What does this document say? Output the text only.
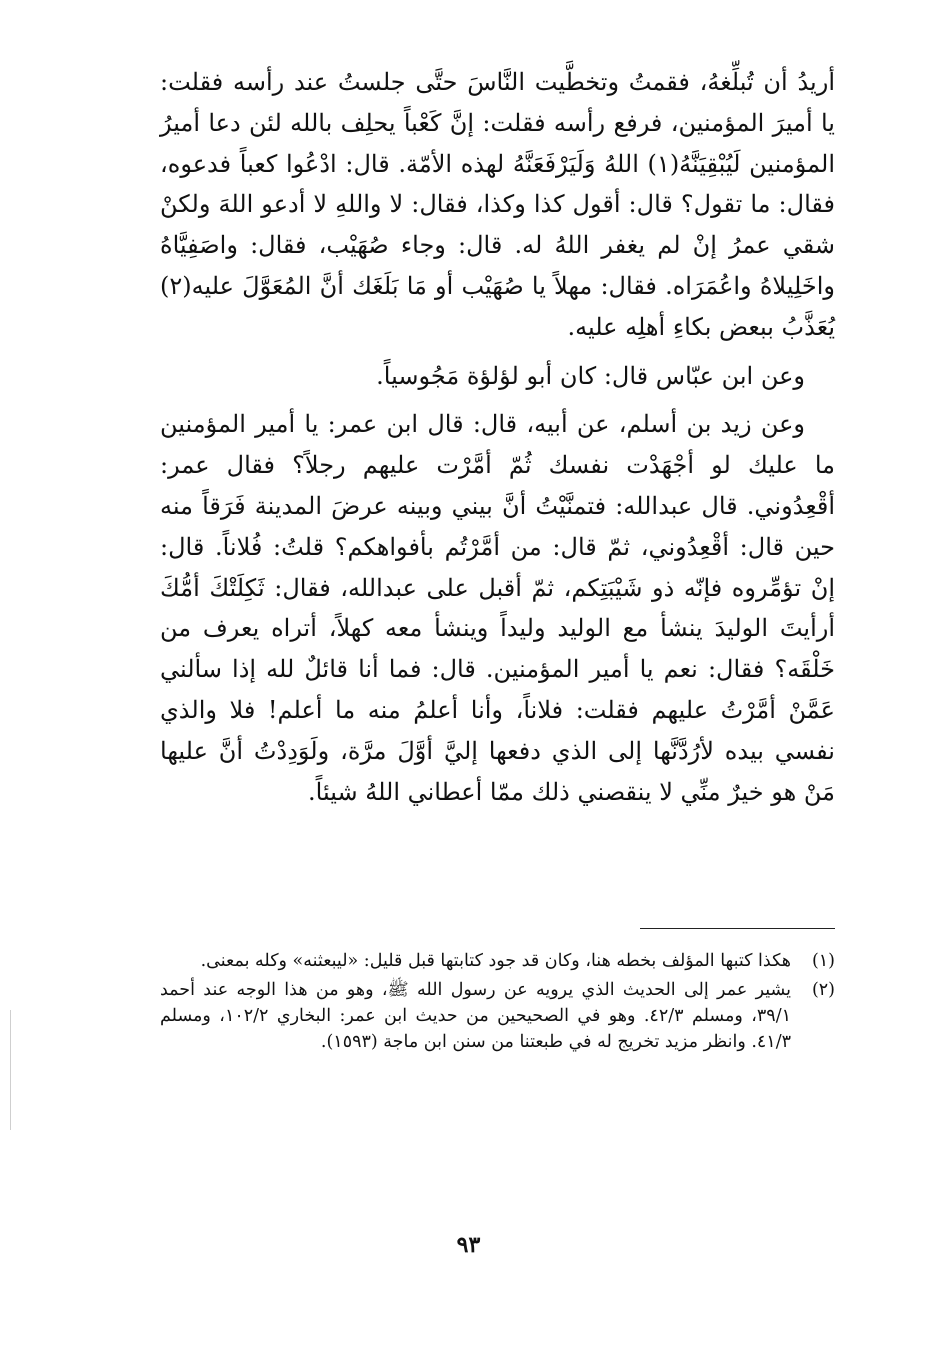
أريدُ أن تُبلِّغهُ، فقمتُ وتخطَّيت النَّاسَ حتَّى جلستُ عند رأسه فقلت: يا أميرَ المؤمنين، فرفع رأسه فقلت: إنَّ كَعْباً يحلِف بالله لئن دعا أميرُ المؤمنين لَيُبْقِيَنَّهُ(١) اللهُ وَلَيَرْفَعَنَّهُ لهذه الأمّة. قال: ادْعُوا كعباً فدعوه، فقال: ما تقول؟ قال: أقول كذا وكذا، فقال: لا واللهِ لا أدعو اللهَ ولكنْ شقي عمرُ إنْ لم يغفر اللهُ له. قال: وجاء صُهَيْب، فقال: واصَفِيَّاهُ واخَلِيلاهُ واعُمَرَاه. فقال: مهلاً يا صُهَيْب أو مَا بَلَغَك أنَّ المُعَوَّلَ عليه(٢) يُعَذَّبُ ببعض بكاءِ أهلِه عليه.

وعن ابن عبّاس قال: كان أبو لؤلؤة مَجُوسياً.

وعن زيد بن أسلم، عن أبيه، قال: قال ابن عمر: يا أمير المؤمنين ما عليك لو أجْهَدْت نفسك ثُمّ أمَّرْت عليهم رجلاً؟ فقال عمر: أقْعِدُوني. قال عبدالله: فتمنَّيْتُ أنَّ بيني وبينه عرضَ المدينة فَرَقاً منه حين قال: أقْعِدُوني، ثمّ قال: من أمَّرْتُم بأفواهكم؟ قلتُ: فُلاناً. قال: إنْ تؤمِّروه فإنّه ذو شَيْبَتِكم، ثمّ أقبل على عبدالله، فقال: ثَكِلَتْكَ أمُّكَ أرأيتَ الوليدَ ينشأ مع الوليد وليداً وينشأ معه كهلاً، أتراه يعرف من خَلْقَه؟ فقال: نعم يا أمير المؤمنين. قال: فما أنا قائلٌ لله إذا سألني عَمَّنْ أمَّرْتُ عليهم فقلت: فلاناً، وأنا أعلمُ منه ما أعلم! فلا والذي نفسي بيده لأرُدَّنَّها إلى الذي دفعها إليَّ أوَّلَ مرَّة، ولَوَدِدْتُ أنَّ عليها مَنْ هو خيرٌ منِّي لا ينقصني ذلك ممّا أعطاني اللهُ شيئاً.

(١)
هكذا كتبها المؤلف بخطه هنا، وكان قد جود كتابتها قبل قليل: «ليبعثنه» وكله بمعنى.
(٢)
يشير عمر إلى الحديث الذي يرويه عن رسول الله ﷺ، وهو من هذا الوجه عند أحمد ٣٩/١، ومسلم ٤٢/٣. وهو في الصحيحين من حديث ابن عمر: البخاري ١٠٢/٢، ومسلم ٤١/٣. وانظر مزيد تخريج له في طبعتنا من سنن ابن ماجة (١٥٩٣).
٩٣
